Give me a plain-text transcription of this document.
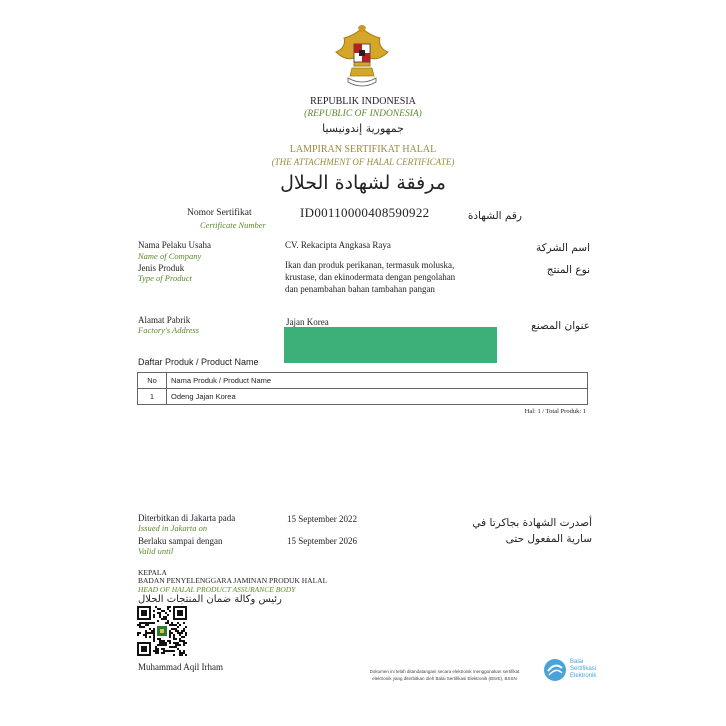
REPUBLIK INDONESIA
(REPUBLIC OF INDONESIA)
جمهورية إندونيسيا
LAMPIRAN SERTIFIKAT HALAL
(THE ATTACHMENT OF HALAL CERTIFICATE)
مرفقة لشهادة الحلال
Nomor Sertifikat
Certificate Number
ID00110000408590922	رقم الشهادة
Nama Pelaku Usaha
Name of Company
CV. Rekacipta Angkasa Raya	اسم الشركة
Jenis Produk
Type of Product
Ikan dan produk perikanan, termasuk moluska,
krustase, dan ekinodermata dengan pengolahan
dan penambahan bahan tambahan pangan
نوع المنتج
Alamat Pabrik
Factory's Address
Jajan Korea	عنوان المصنع
Daftar Produk / Product Name
No	Nama Produk / Product Name
1	Odeng Jajan Korea
Hal: 1 / Total Produk: 1
Diterbitkan di Jakarta pada
Issued in Jakarta on
15 September 2022	أصدرت الشهادة بجاكرتا في
Berlaku sampai dengan
Valid until
15 September 2026	سارية المفعول حتى
KEPALA
BADAN PENYELENGGARA JAMINAN PRODUK HALAL
HEAD OF HALAL PRODUCT ASSURANCE BODY
رئيس وكالة ضمان المنتجات الحلال
Muhammad Aqil Irham	Dokumen ini telah ditandatangani secara elektronik menggunakan sertifikat
elektronik yang diterbitkan oleh Balai Sertifikasi Elektronik (BSrE), BSSN
Balai
Sertifikasi
Elektronik
